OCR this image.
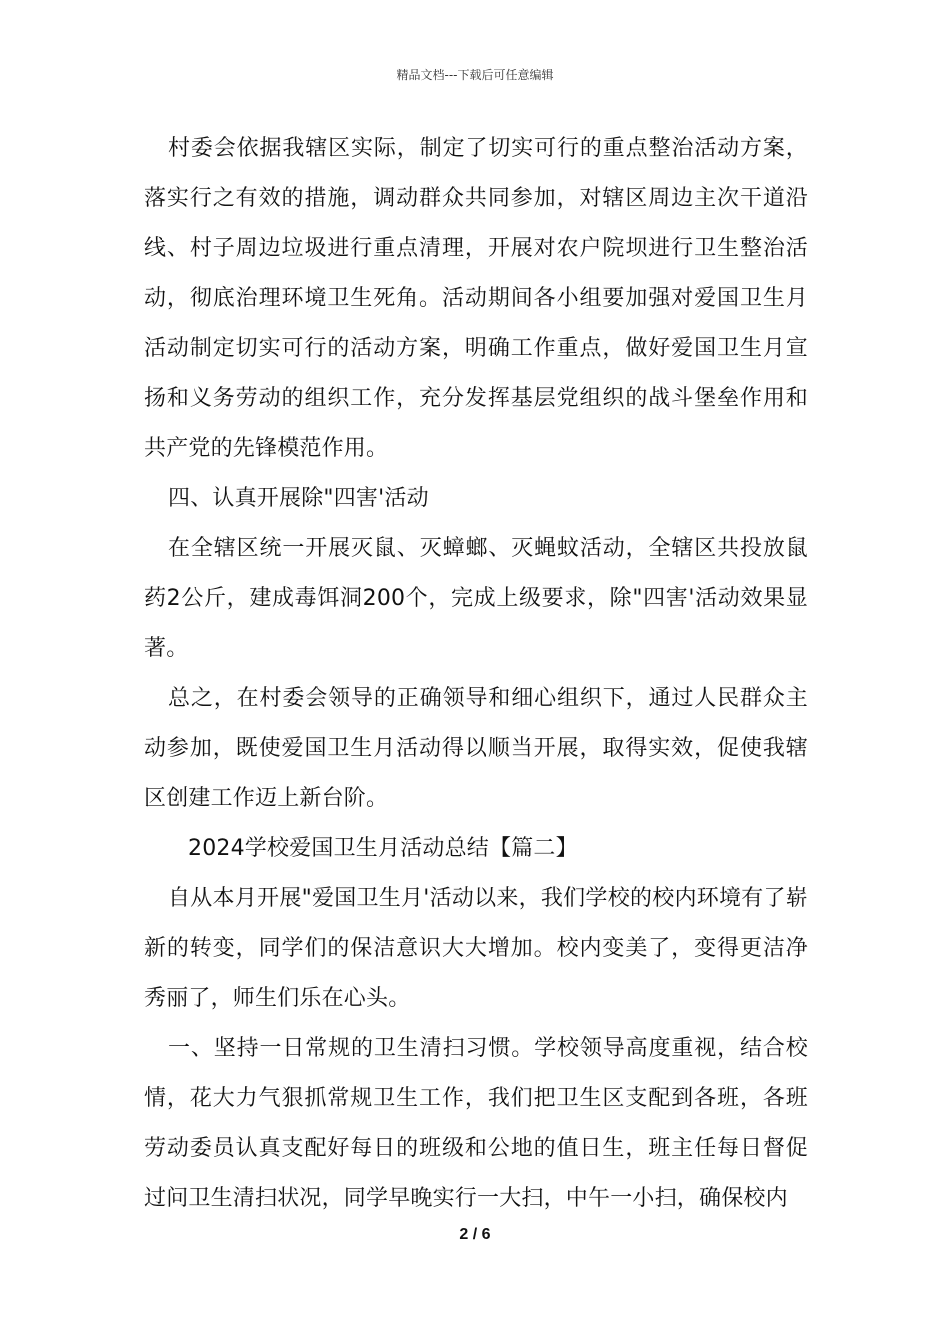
精品文档---下载后可任意编辑

村委会依据我辖区实际，制定了切实可行的重点整治活动方案，落实行之有效的措施，调动群众共同参加，对辖区周边主次干道沿线、村子周边垃圾进行重点清理，开展对农户院坝进行卫生整治活动，彻底治理环境卫生死角。活动期间各小组要加强对爱国卫生月活动制定切实可行的活动方案，明确工作重点，做好爱国卫生月宣扬和义务劳动的组织工作，充分发挥基层党组织的战斗堡垒作用和共产党的先锋模范作用。

四、认真开展除"四害'活动

在全辖区统一开展灭鼠、灭蟑螂、灭蝇蚊活动，全辖区共投放鼠药2公斤，建成毒饵洞200个，完成上级要求，除"四害'活动效果显著。

总之，在村委会领导的正确领导和细心组织下，通过人民群众主动参加，既使爱国卫生月活动得以顺当开展，取得实效，促使我辖区创建工作迈上新台阶。

2024学校爱国卫生月活动总结【篇二】

自从本月开展"爱国卫生月'活动以来，我们学校的校内环境有了崭新的转变，同学们的保洁意识大大增加。校内变美了，变得更洁净秀丽了，师生们乐在心头。

一、坚持一日常规的卫生清扫习惯。学校领导高度重视，结合校情，花大力气狠抓常规卫生工作，我们把卫生区支配到各班，各班劳动委员认真支配好每日的班级和公地的值日生，班主任每日督促过问卫生清扫状况，同学早晚实行一大扫，中午一小扫，确保校内

2 / 6
